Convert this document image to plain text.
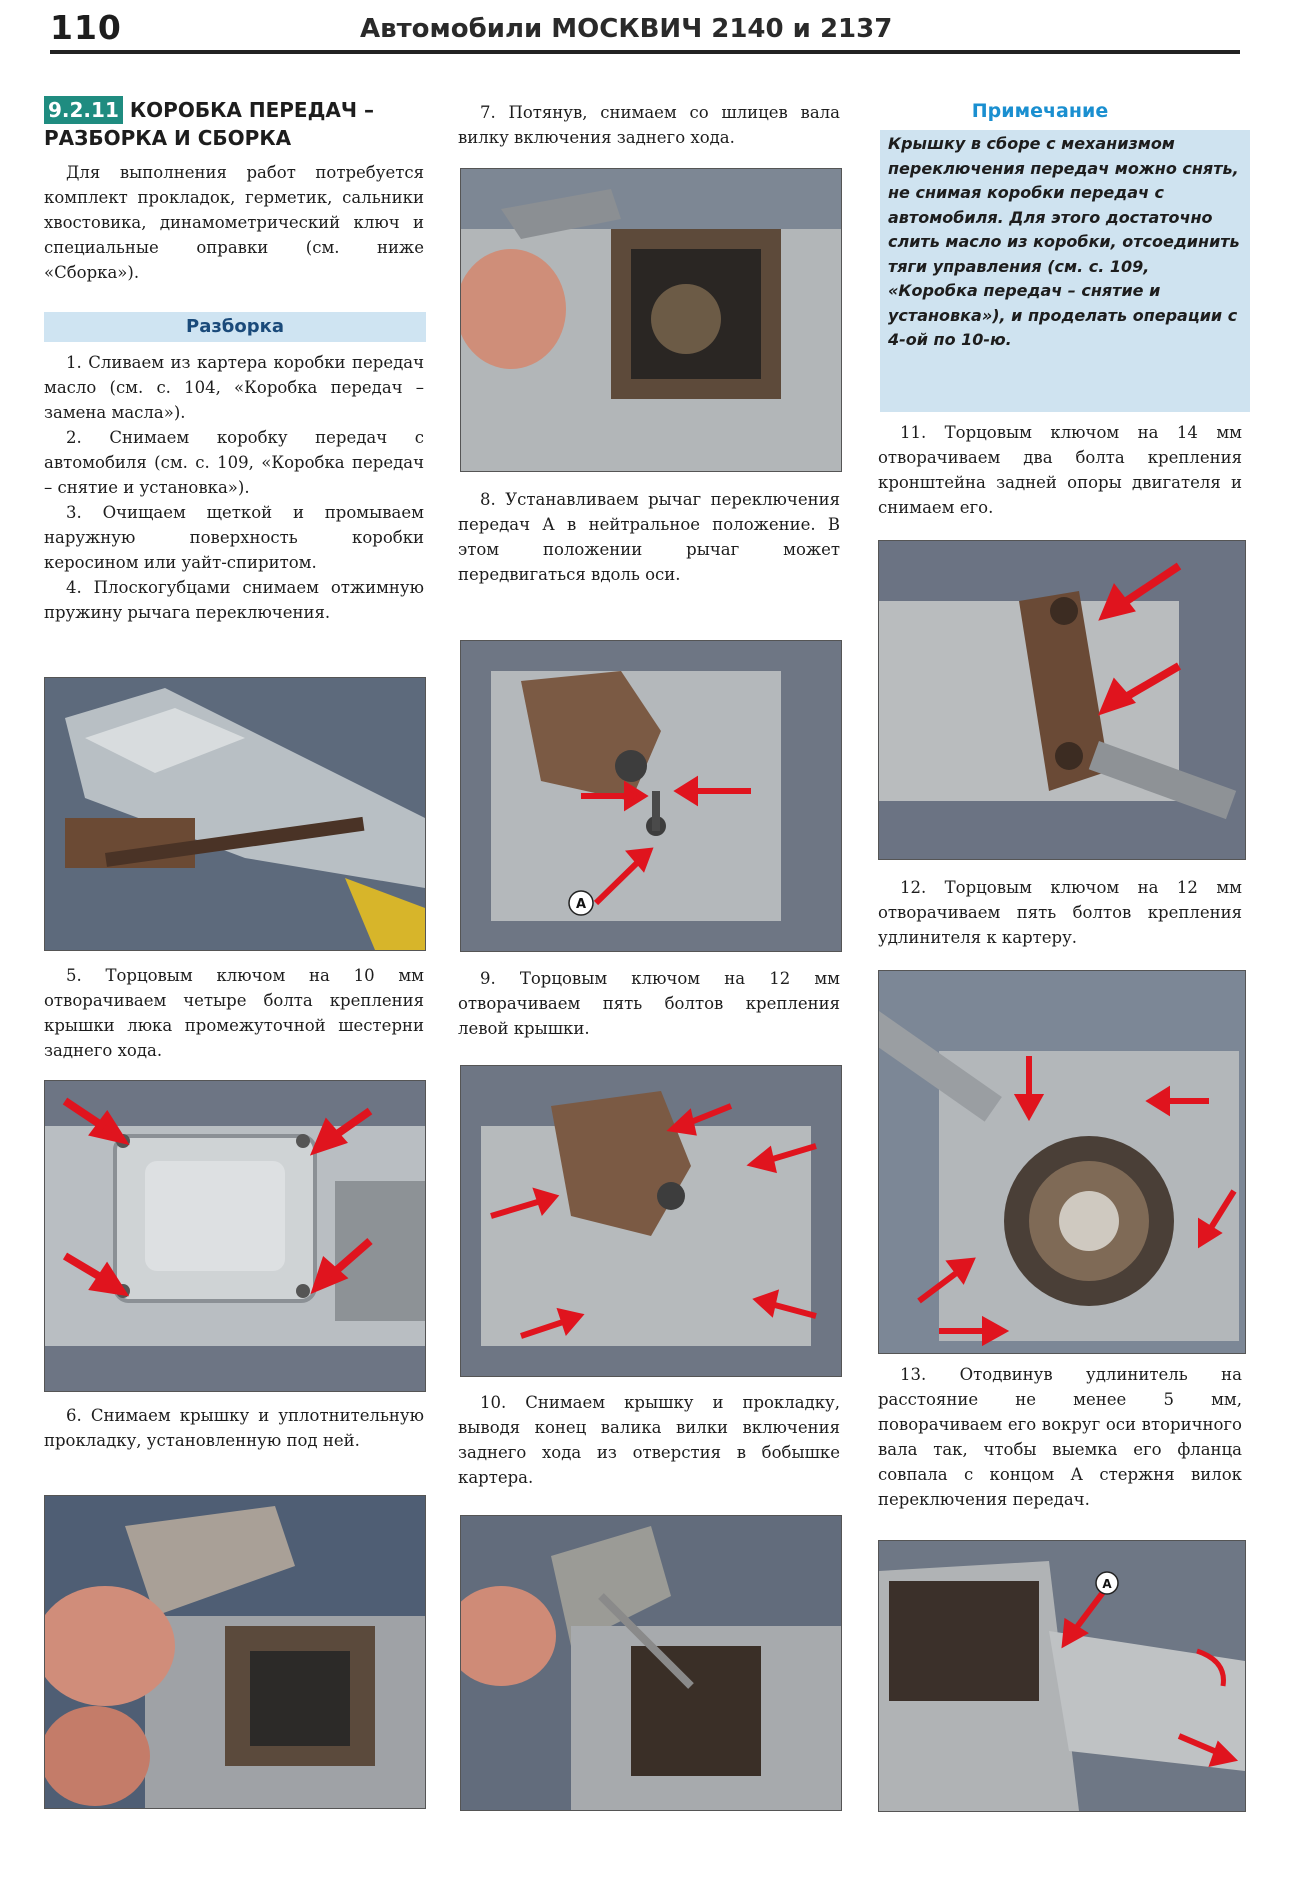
110	Автомобили МОСКВИЧ 2140 и 2137
9.2.11 КОРОБКА ПЕРЕДАЧ –
РАЗБОРКА И СБОРКА
Для выполнения работ потребуется комплект прокладок, герметик, сальники хвостовика, динамометрический ключ и специальные оправки (см. ниже «Сборка»).
Разборка
1. Сливаем из картера коробки передач масло (см. с. 104, «Коробка передач – замена масла»).
2. Снимаем коробку передач с автомобиля (см. с. 109, «Коробка передач – снятие и установка»).
3. Очищаем щеткой и промываем наружную поверхность коробки керосином или уайт-спиритом.
4. Плоскогубцами снимаем отжимную пружину рычага переключения.
5. Торцовым ключом на 10 мм отворачиваем четыре болта крепления крышки люка промежуточной шестерни заднего хода.
6. Снимаем крышку и уплотнительную прокладку, установленную под ней.
7. Потянув, снимаем со шлицев вала вилку включения заднего хода.
8. Устанавливаем рычаг переключения передач А в нейтральное положение. В этом положении рычаг может передвигаться вдоль оси.
А
9. Торцовым ключом на 12 мм отворачиваем пять болтов крепления левой крышки.
10. Снимаем крышку и прокладку, выводя конец валика вилки включения заднего хода из отверстия в бобышке картера.
Примечание
Крышку в сборе с механизмом переключения передач можно снять, не снимая коробки передач с автомобиля. Для этого достаточно слить масло из коробки, отсоединить тяги управления (см. с. 109, «Коробка передач – снятие и установка»), и проделать операции с 4-ой по 10-ю.
11. Торцовым ключом на 14 мм отворачиваем два болта крепления кронштейна задней опоры двигателя и снимаем его.
12. Торцовым ключом на 12 мм отворачиваем пять болтов крепления удлинителя к картеру.
13. Отодвинув удлинитель на расстояние не менее 5 мм, поворачиваем его вокруг оси вторичного вала так, чтобы выемка его фланца совпала с концом А стержня вилок переключения передач.
А
